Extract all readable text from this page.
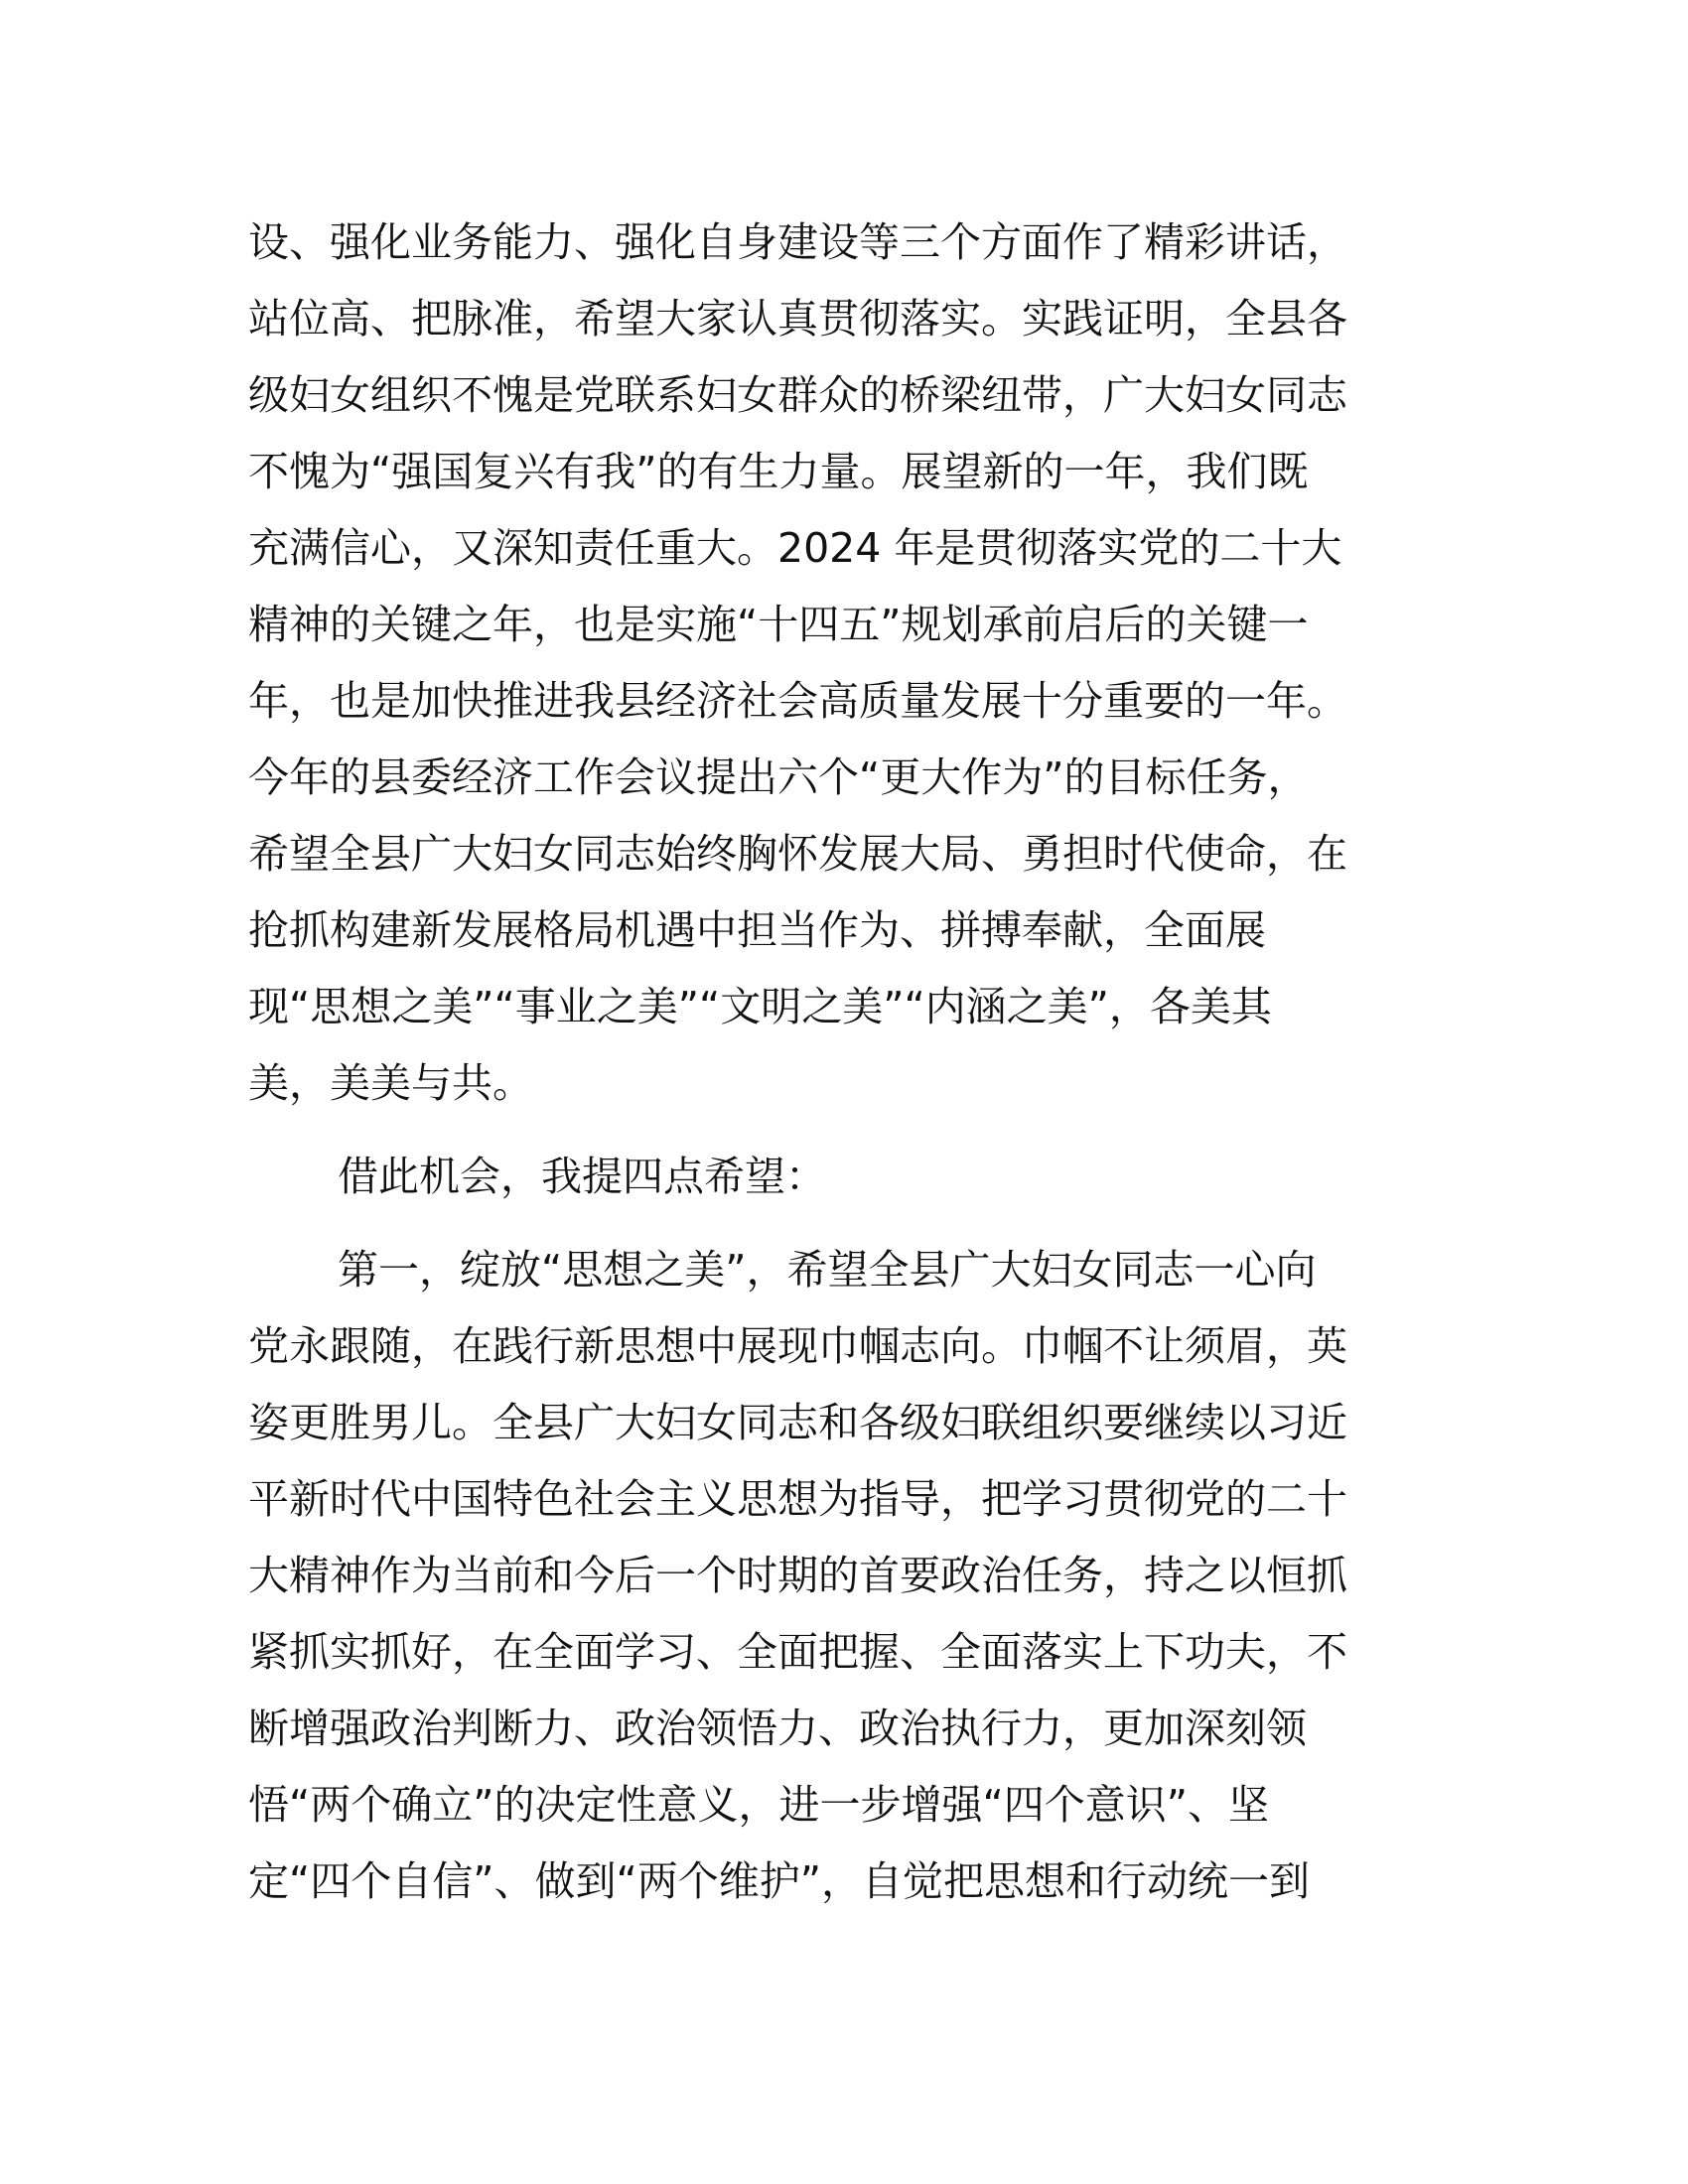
设、强化业务能力、强化自身建设等三个方面作了精彩讲话，
站位高、把脉准，希望大家认真贯彻落实。实践证明，全县各
级妇女组织不愧是党联系妇女群众的桥梁纽带，广大妇女同志
不愧为“强国复兴有我”的有生力量。展望新的一年，我们既
充满信心，又深知责任重大。2024 年是贯彻落实党的二十大
精神的关键之年，也是实施“十四五”规划承前启后的关键一
年，也是加快推进我县经济社会高质量发展十分重要的一年。
今年的县委经济工作会议提出六个“更大作为”的目标任务，
希望全县广大妇女同志始终胸怀发展大局、勇担时代使命，在
抢抓构建新发展格局机遇中担当作为、拼搏奉献，全面展
现“思想之美”“事业之美”“文明之美”“内涵之美”，各美其
美，美美与共。
借此机会，我提四点希望：
第一，绽放“思想之美”，希望全县广大妇女同志一心向
党永跟随，在践行新思想中展现巾帼志向。巾帼不让须眉，英
姿更胜男儿。全县广大妇女同志和各级妇联组织要继续以习近
平新时代中国特色社会主义思想为指导，把学习贯彻党的二十
大精神作为当前和今后一个时期的首要政治任务，持之以恒抓
紧抓实抓好，在全面学习、全面把握、全面落实上下功夫，不
断增强政治判断力、政治领悟力、政治执行力，更加深刻领
悟“两个确立”的决定性意义，进一步增强“四个意识”、坚
定“四个自信”、做到“两个维护”，自觉把思想和行动统一到
